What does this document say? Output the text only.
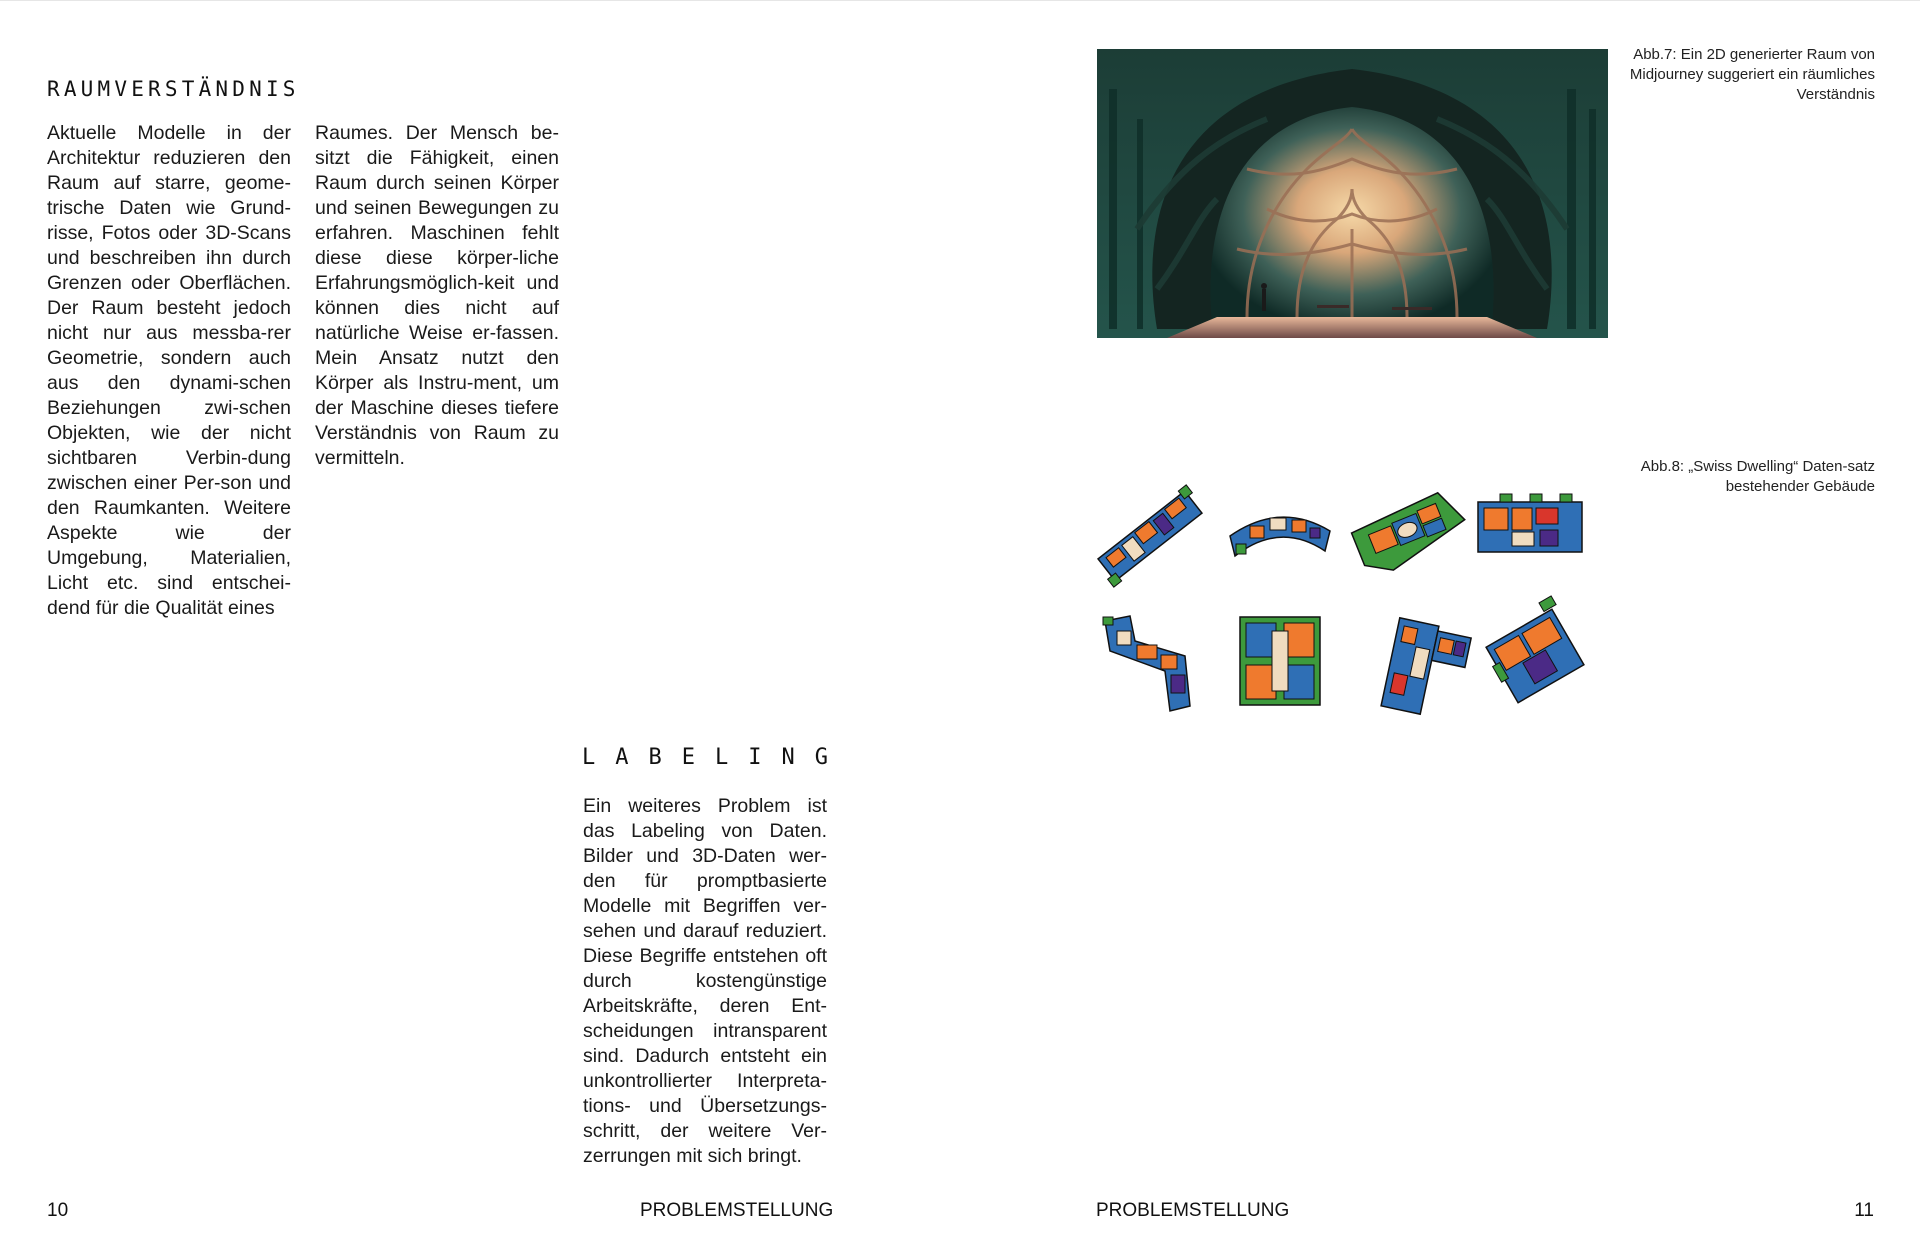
RAUMVERSTÄNDNIS

Aktuelle Modelle in der Architektur reduzieren den Raum auf starre, geome-trische Daten wie Grund-risse, Fotos oder 3D-Scans und beschreiben ihn durch Grenzen oder Oberflächen. Der Raum besteht jedoch nicht nur aus messba-rer Geometrie, sondern auch aus den dynami-schen Beziehungen zwi-schen Objekten, wie der nicht sichtbaren Verbin-dung zwischen einer Per-son und den Raumkanten. Weitere Aspekte wie der Umgebung, Materialien, Licht etc. sind entschei-dend für die Qualität eines

Raumes. Der Mensch be-sitzt die Fähigkeit, einen Raum durch seinen Körper und seinen Bewegungen zu erfahren. Maschinen fehlt diese diese körper-liche Erfahrungsmöglich-keit und können dies nicht auf natürliche Weise er-fassen. Mein Ansatz nutzt den Körper als Instru-ment, um der Maschine dieses tiefere Verständnis von Raum zu vermitteln.

LABELING

Ein weiteres Problem ist das Labeling von Daten. Bilder und 3D-Daten wer-den für promptbasierte Modelle mit Begriffen ver-sehen und darauf reduziert. Diese Begriffe entstehen oft durch kostengünstige Arbeitskräfte, deren Ent-scheidungen intransparent sind. Dadurch entsteht ein unkontrollierter Interpreta-tions- und Übersetzungs-schritt, der weitere Ver-zerrungen mit sich bringt.

10	PROBLEMSTELLUNG

Abb.7: Ein 2D generierter Raum von Midjourney suggeriert ein räumliches Verständnis

Abb.8: „Swiss Dwelling“ Daten-satz bestehender Gebäude

PROBLEMSTELLUNG	11
